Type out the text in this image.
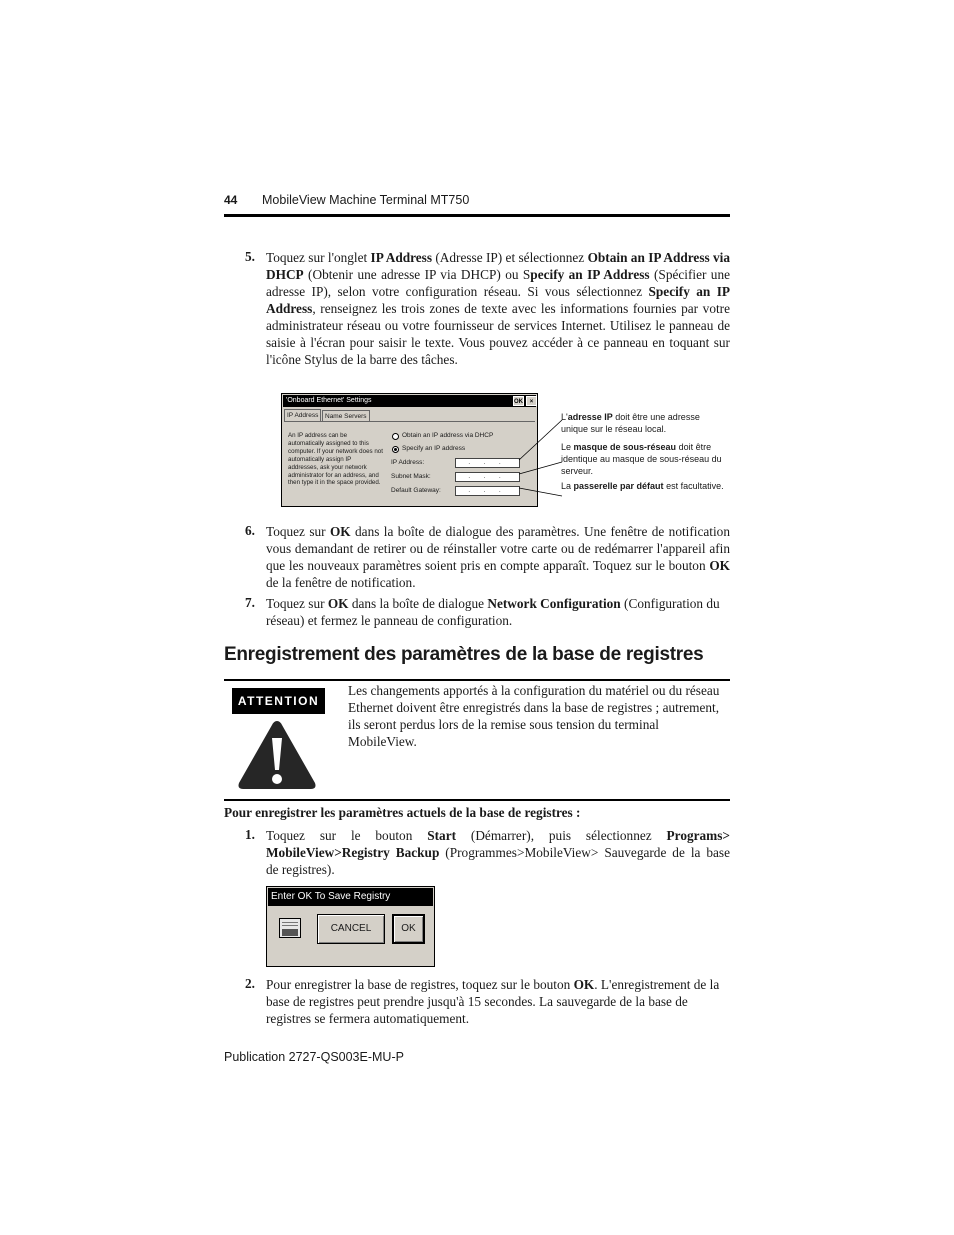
44 MobileView Machine Terminal MT750
5. Toquez sur l'onglet IP Address (Adresse IP) et sélectionnez Obtain an IP Address via DHCP (Obtenir une adresse IP via DHCP) ou Specify an IP Address (Spécifier une adresse IP), selon votre configuration réseau. Si vous sélectionnez Specify an IP Address, renseignez les trois zones de texte avec les informations fournies par votre administrateur réseau ou votre fournisseur de services Internet. Utilisez le panneau de saisie à l'écran pour saisir le texte. Vous pouvez accéder à ce panneau en toquant sur l'icône Stylus de la barre des tâches.
'Onboard Ethernet' Settings	OK	×
IP Address	Name Servers
An IP address can be automatically assigned to this computer. If your network does not automatically assign IP addresses, ask your network administrator for an address, and then type it in the space provided.
Obtain an IP address via DHCP
Specify an IP address
IP Address:	. . .
Subnet Mask:	. . .
Default Gateway:	. . .
L'adresse IP doit être une adresse unique sur le réseau local.
Le masque de sous-réseau doit être identique au masque de sous-réseau du serveur.
La passerelle par défaut est facultative.
6. Toquez sur OK dans la boîte de dialogue des paramètres. Une fenêtre de notification vous demandant de retirer ou de réinstaller votre carte ou de redémarrer l'appareil afin que les nouveaux paramètres soient pris en compte apparaît. Toquez sur le bouton OK de la fenêtre de notification.
7. Toquez sur OK dans la boîte de dialogue Network Configuration (Configuration du réseau) et fermez le panneau de configuration.
Enregistrement des paramètres de la base de registres
ATTENTION
Les changements apportés à la configuration du matériel ou du réseau Ethernet doivent être enregistrés dans la base de registres ; autrement, ils seront perdus lors de la remise sous tension du terminal MobileView.
Pour enregistrer les paramètres actuels de la base de registres :
1. Toquez sur le bouton Start (Démarrer), puis sélectionnez Programs> MobileView>Registry Backup (Programmes>MobileView> Sauvegarde de la base de registres).
Enter OK To Save Registry
CANCEL	OK
2. Pour enregistrer la base de registres, toquez sur le bouton OK. L'enregistrement de la base de registres peut prendre jusqu'à 15 secondes. La sauvegarde de la base de registres se fermera automatiquement.
Publication 2727-QS003E-MU-P
